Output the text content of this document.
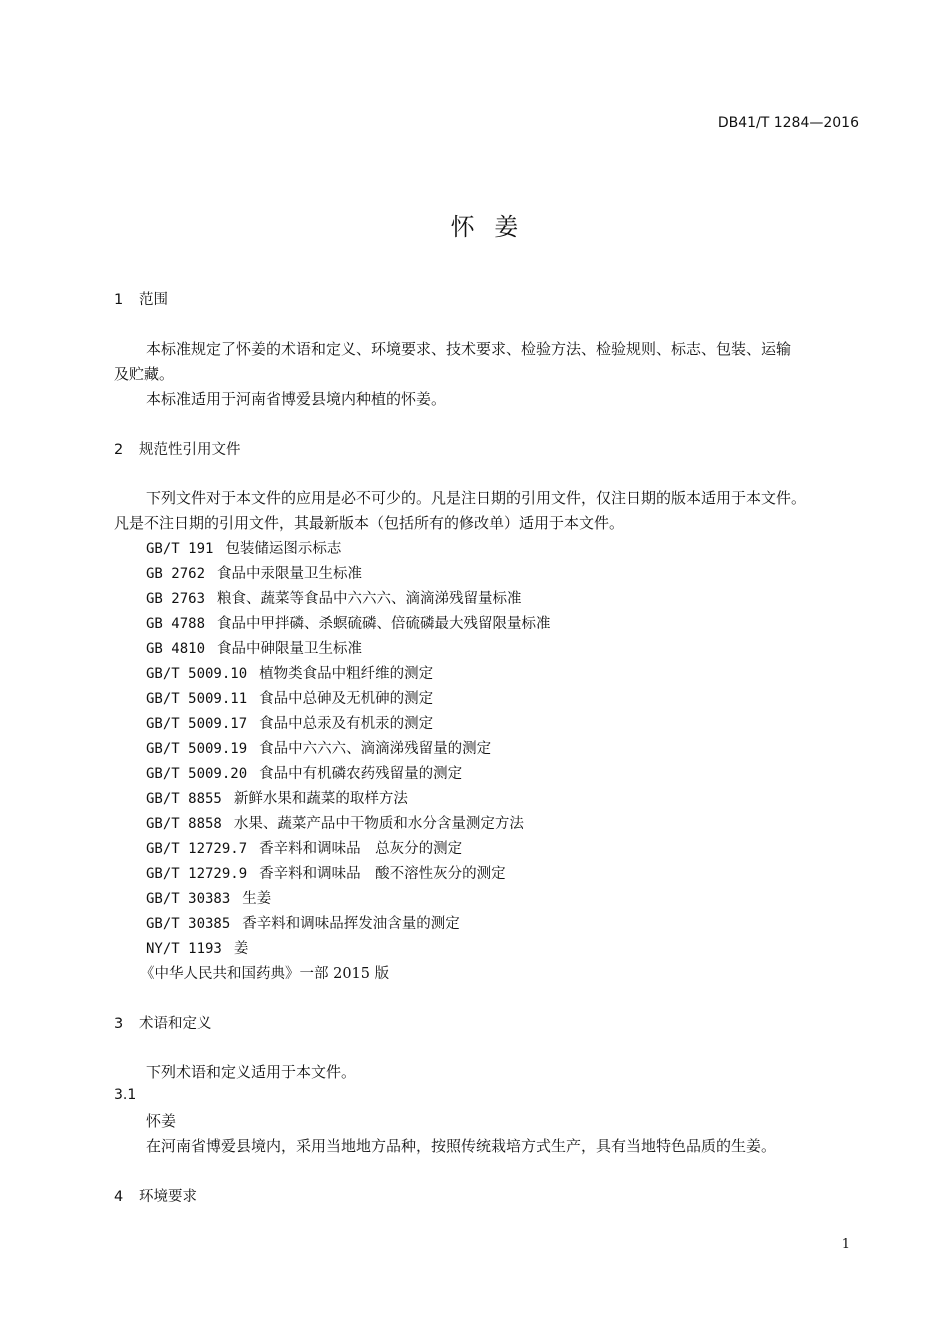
DB41/T 1284—2016
怀 姜
1 范围
本标准规定了怀姜的术语和定义、环境要求、技术要求、检验方法、检验规则、标志、包装、运输
及贮藏。
本标准适用于河南省博爱县境内种植的怀姜。
2 规范性引用文件
下列文件对于本文件的应用是必不可少的。凡是注日期的引用文件，仅注日期的版本适用于本文件。
凡是不注日期的引用文件，其最新版本（包括所有的修改单）适用于本文件。
GB/T 191 包装储运图示标志
GB 2762 食品中汞限量卫生标准
GB 2763 粮食、蔬菜等食品中六六六、滴滴涕残留量标准
GB 4788 食品中甲拌磷、杀螟硫磷、倍硫磷最大残留限量标准
GB 4810 食品中砷限量卫生标准
GB/T 5009.10 植物类食品中粗纤维的测定
GB/T 5009.11 食品中总砷及无机砷的测定
GB/T 5009.17 食品中总汞及有机汞的测定
GB/T 5009.19 食品中六六六、滴滴涕残留量的测定
GB/T 5009.20 食品中有机磷农药残留量的测定
GB/T 8855 新鲜水果和蔬菜的取样方法
GB/T 8858 水果、蔬菜产品中干物质和水分含量测定方法
GB/T 12729.7 香辛料和调味品　总灰分的测定
GB/T 12729.9 香辛料和调味品　酸不溶性灰分的测定
GB/T 30383 生姜
GB/T 30385 香辛料和调味品挥发油含量的测定
NY/T 1193 姜
《中华人民共和国药典》一部 2015 版
3 术语和定义
下列术语和定义适用于本文件。
3.1
怀姜
在河南省博爱县境内，采用当地地方品种，按照传统栽培方式生产，具有当地特色品质的生姜。
4 环境要求
1
